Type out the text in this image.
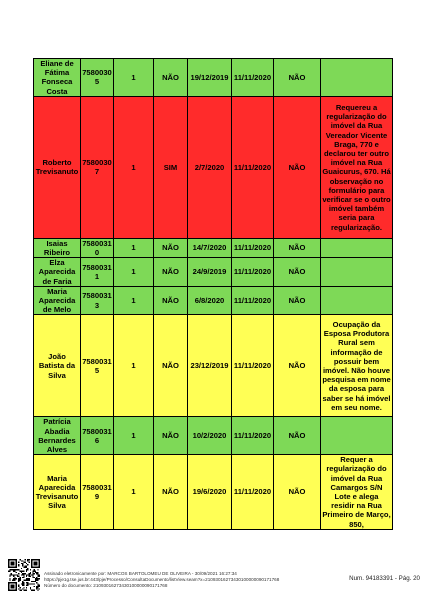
Eliane de Fátima Fonseca Costa	75800305	1	NÃO	19/12/2019	11/11/2020	NÃO	
Roberto Trevisanuto	75800307	1	SIM	2/7/2020	11/11/2020	NÃO	Requereu a regularização do imóvel da Rua Vereador Vicente Braga, 770 e declarou ter outro imóvel na Rua Guaicurus, 670. Há observação no formulário para verificar se o outro imóvel também seria para regularização.
Isaias Ribeiro	75800310	1	NÃO	14/7/2020	11/11/2020	NÃO	
Elza Aparecida de Faria	75800311	1	NÃO	24/9/2019	11/11/2020	NÃO	
Maria Aparecida de Melo	75800313	1	NÃO	6/8/2020	11/11/2020	NÃO	
João Batista da Silva	75800315	1	NÃO	23/12/2019	11/11/2020	NÃO	Ocupação da Esposa Produtora Rural sem informação de possuir bem imóvel. Não houve pesquisa em nome da esposa para saber se há imóvel em seu nome.
Patrícia Abadia Bernardes Alves	75800316	1	NÃO	10/2/2020	11/11/2020	NÃO	
Maria Aparecida Trevisanuto Silva	75800319	1	NÃO	19/6/2020	11/11/2020	NÃO	Requer a regularização do imóvel da Rua Camargos S/N Lote e alega residir na Rua Primeiro de Março, 850,
Assinado eletronicamente por: MARCOS BARTOLOMEU DE OLIVEIRA - 30/09/2021 16:27:34
https://pje1g.tse.jus.br:443/pje/Processo/ConsultaDocumento/listView.seam?x=21093016273430100000090171768
Número do documento: 21093016273430100000090171768
Num. 94183391 - Pág. 20
